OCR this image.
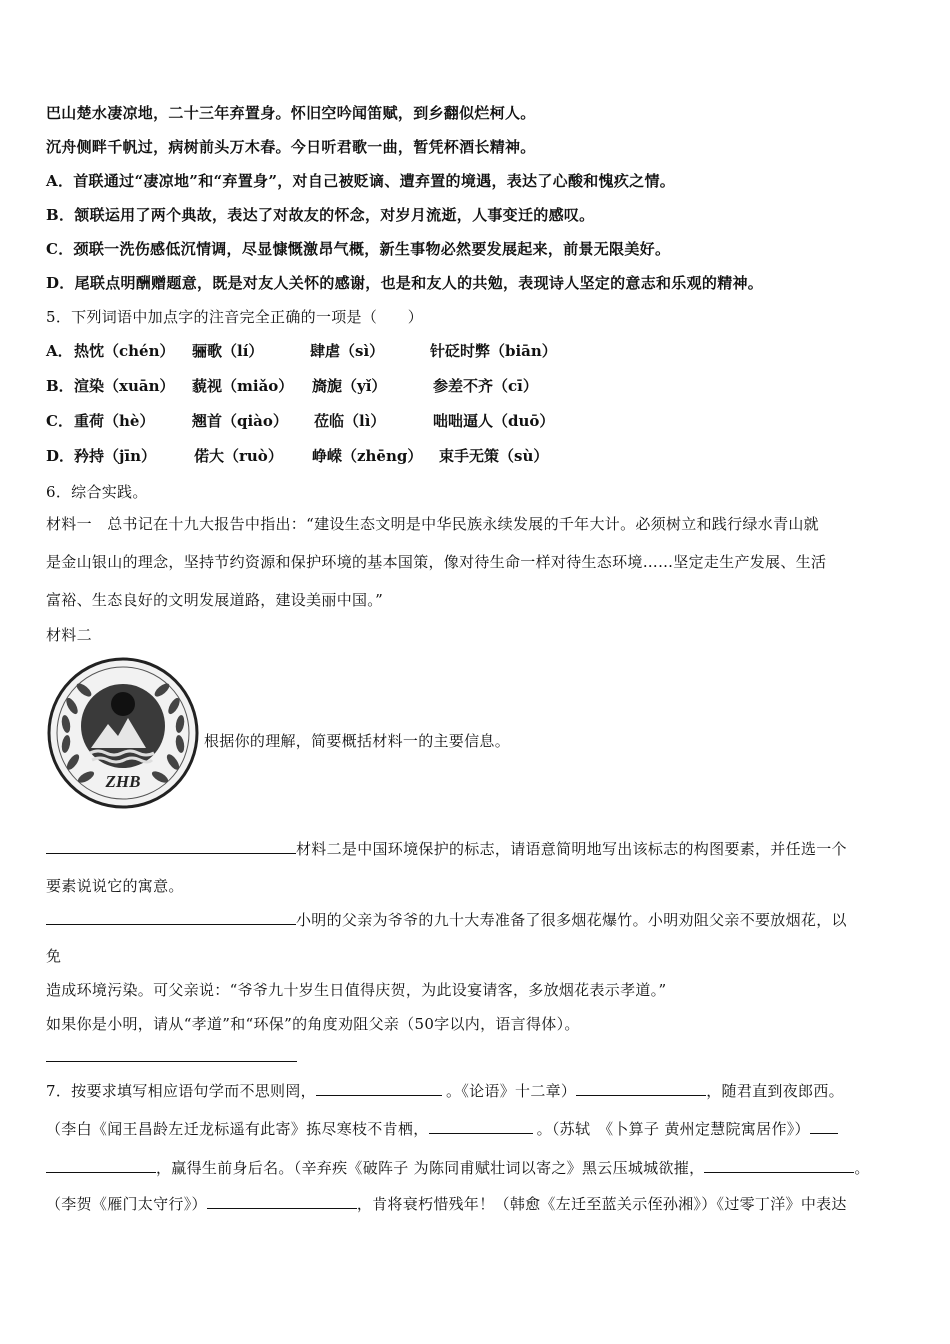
巴山楚水凄凉地，二十三年弃置身。怀旧空吟闻笛赋，到乡翻似烂柯人。
沉舟侧畔千帆过，病树前头万木春。今日听君歌一曲，暂凭杯酒长精神。
A．首联通过“凄凉地”和“弃置身”，对自己被贬谪、遭弃置的境遇，表达了心酸和愧疚之情。
B．颔联运用了两个典故，表达了对故友的怀念，对岁月流逝，人事变迁的感叹。
C．颈联一洗伤感低沉情调，尽显慷慨激昂气概，新生事物必然要发展起来，前景无限美好。
D．尾联点明酬赠题意，既是对友人关怀的感谢，也是和友人的共勉，表现诗人坚定的意志和乐观的精神。
5．下列词语中加点字的注音完全正确的一项是（　　）
A． 热忱（chén） 骊歌（lí）	肆虐（sì）	针砭时弊（biān）
B． 渲染（xuān） 藐视（miǎo） 旖旎（yǐ）	参差不齐（cī）
C． 重荷（hè）	翘首（qiào） 莅临（lì）	咄咄逼人（duō）
D． 矜持（jīn）	偌大（ruò） 峥嵘（zhēng） 束手无策（sù）
6．综合实践。
材料一　总书记在十九大报告中指出：“建设生态文明是中华民族永续发展的千年大计。必须树立和践行绿水青山就
是金山银山的理念，坚持节约资源和保护环境的基本国策，像对待生命一样对待生态环境……坚定走生产发展、生活
富裕、生态良好的文明发展道路，建设美丽中国。”
材料二
ZHB
根据你的理解，简要概括材料一的主要信息。
材料二是中国环境保护的标志，请语意简明地写出该标志的构图要素，并任选一个
要素说说它的寓意。
小明的父亲为爷爷的九十大寿准备了很多烟花爆竹。小明劝阻父亲不要放烟花，以
免
造成环境污染。可父亲说：“爷爷九十岁生日值得庆贺，为此设宴请客，多放烟花表示孝道。”
如果你是小明，请从“孝道”和“环保”的角度劝阻父亲（50字以内，语言得体）。
7．按要求填写相应语句学而不思则罔， 	。《论语》十二章）	，随君直到夜郎西。
（李白《闻王昌龄左迁龙标遥有此寄》拣尽寒枝不肯栖， 	。（苏轼　《卜算子 黄州定慧院寓居作》）
，赢得生前身后名。（辛弃疾《破阵子 为陈同甫赋壮词以寄之》黑云压城城欲摧，	。
（李贺《雁门太守行》）	，肯将衰朽惜残年！（韩愈《左迁至蓝关示侄孙湘》）《过零丁洋》中表达
